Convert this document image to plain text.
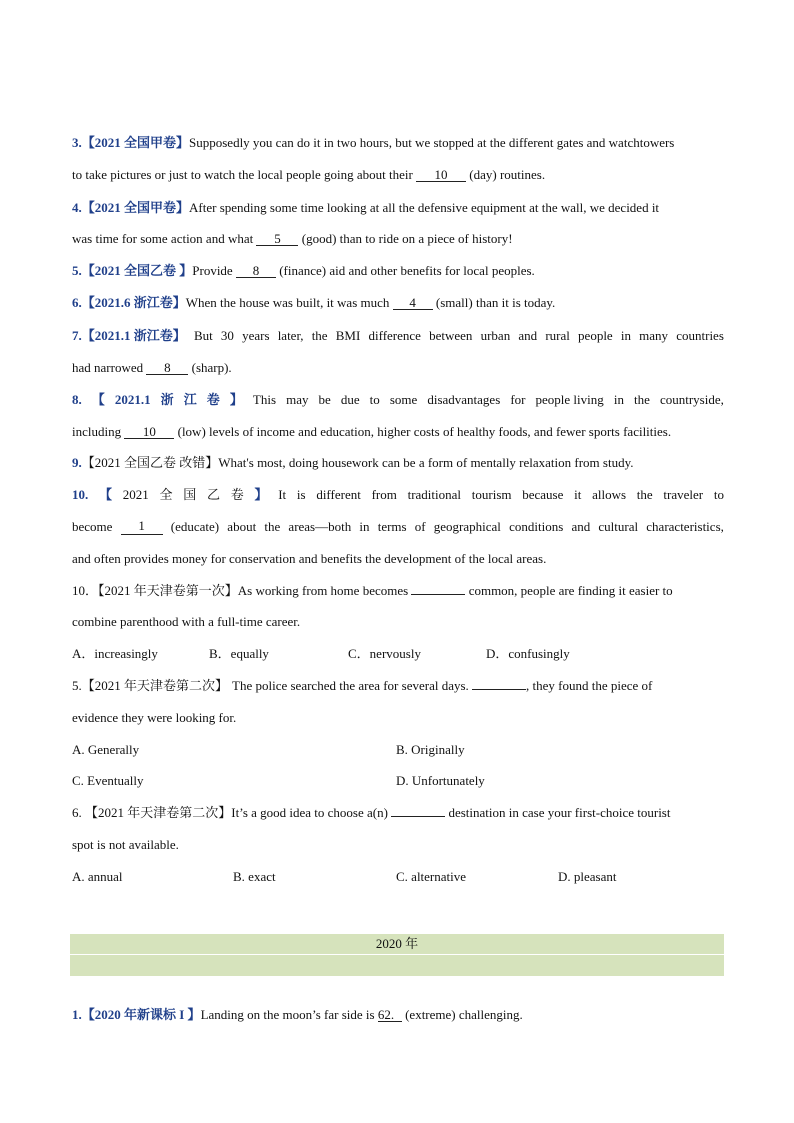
3.【2021 全国甲卷】Supposedly you can do it in two hours, but we stopped at the different gates and watchtowers
to take pictures or just to watch the local people going about their 10 (day) routines.
4.【2021 全国甲卷】After spending some time looking at all the defensive equipment at the wall, we decided it
was time for some action and what 5 (good) than to ride on a piece of history!
5.【2021 全国乙卷 】Provide 8 (finance) aid and other benefits for local peoples.
6.【2021.6 浙江卷】When the house was built, it was much 4 (small) than it is today.
7.【2021.1 浙江卷】 But 30 years later, the BMI difference between urban and rural people in many countries
had narrowed 8 (sharp).
8. 【 2021.1 浙 江 卷 】 This may be due to some disadvantages for people living in the countryside,
including 10 (low) levels of income and education, higher costs of healthy foods, and fewer sports facilities.
9.【2021 全国乙卷 改错】What's most, doing housework can be a form of mentally relaxation from study.
10. 【 2021 全 国 乙 卷 】 It is different from traditional tourism because it allows the traveler to
become	1	(educate) about the areas—both in terms of geographical conditions and cultural characteristics,
and often provides money for conservation and benefits the development of the local areas.
10．【2021 年天津卷第一次】As working from home becomes	common, people are finding it easier to
combine parenthood with a full-time career.
A．increasingly	B．equally	C．nervously	D．confusingly
5.【2021 年天津卷第二次】 The police searched the area for several days.	, they found the piece of
evidence they were looking for.
A. Generally	B. Originally
C. Eventually	D. Unfortunately
6. 【2021 年天津卷第二次】It’s a good idea to choose a(n)	destination in case your first-choice tourist
spot is not available.
A. annual	B. exact	C. alternative	D. pleasant
2020 年
1.【2020 年新课标 I 】Landing on the moon’s far side is 62. (extreme) challenging.
